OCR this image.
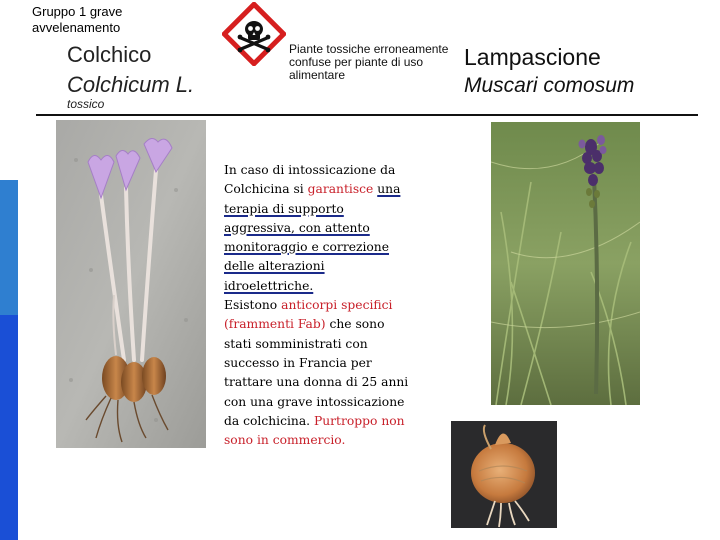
Gruppo 1 grave avvelenamento
Colchico
Colchicum L.
tossico
Piante tossiche erroneamente confuse per piante di uso alimentare
Lampascione
Muscari comosum
In caso di intossicazione da Colchicina si garantisce una terapia di supporto aggressiva, con attento monitoraggio e correzione delle alterazioni idroelettriche.
Esistono anticorpi specifici (frammenti Fab) che sono stati somministrati con successo in Francia per trattare una donna di 25 anni con una grave intossicazione da colchicina. Purtroppo non sono in commercio.
